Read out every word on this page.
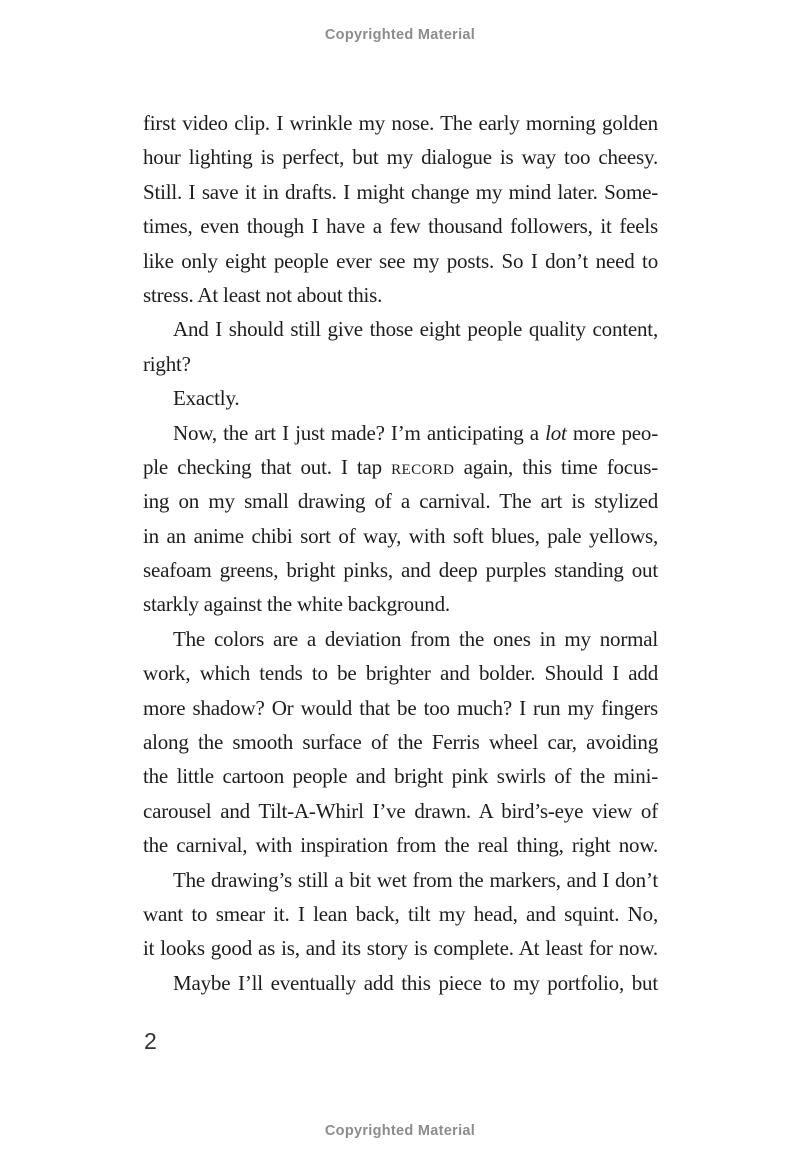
Copyrighted Material
first video clip. I wrinkle my nose. The early morning golden
hour lighting is perfect, but my dialogue is way too cheesy.
Still. I save it in drafts. I might change my mind later. Some-
times, even though I have a few thousand followers, it feels
like only eight people ever see my posts. So I don’t need to
stress. At least not about this.
And I should still give those eight people quality content,
right?
Exactly.
Now, the art I just made? I’m anticipating a lot more peo-
ple checking that out. I tap record again, this time focus-
ing on my small drawing of a carnival. The art is stylized
in an anime chibi sort of way, with soft blues, pale yellows,
seafoam greens, bright pinks, and deep purples standing out
starkly against the white background.
The colors are a deviation from the ones in my normal
work, which tends to be brighter and bolder. Should I add
more shadow? Or would that be too much? I run my fingers
along the smooth surface of the Ferris wheel car, avoiding
the little cartoon people and bright pink swirls of the mini-
carousel and Tilt-A-Whirl I’ve drawn. A bird’s-eye view of
the carnival, with inspiration from the real thing, right now.
The drawing’s still a bit wet from the markers, and I don’t
want to smear it. I lean back, tilt my head, and squint. No,
it looks good as is, and its story is complete. At least for now.
Maybe I’ll eventually add this piece to my portfolio, but
2
Copyrighted Material
